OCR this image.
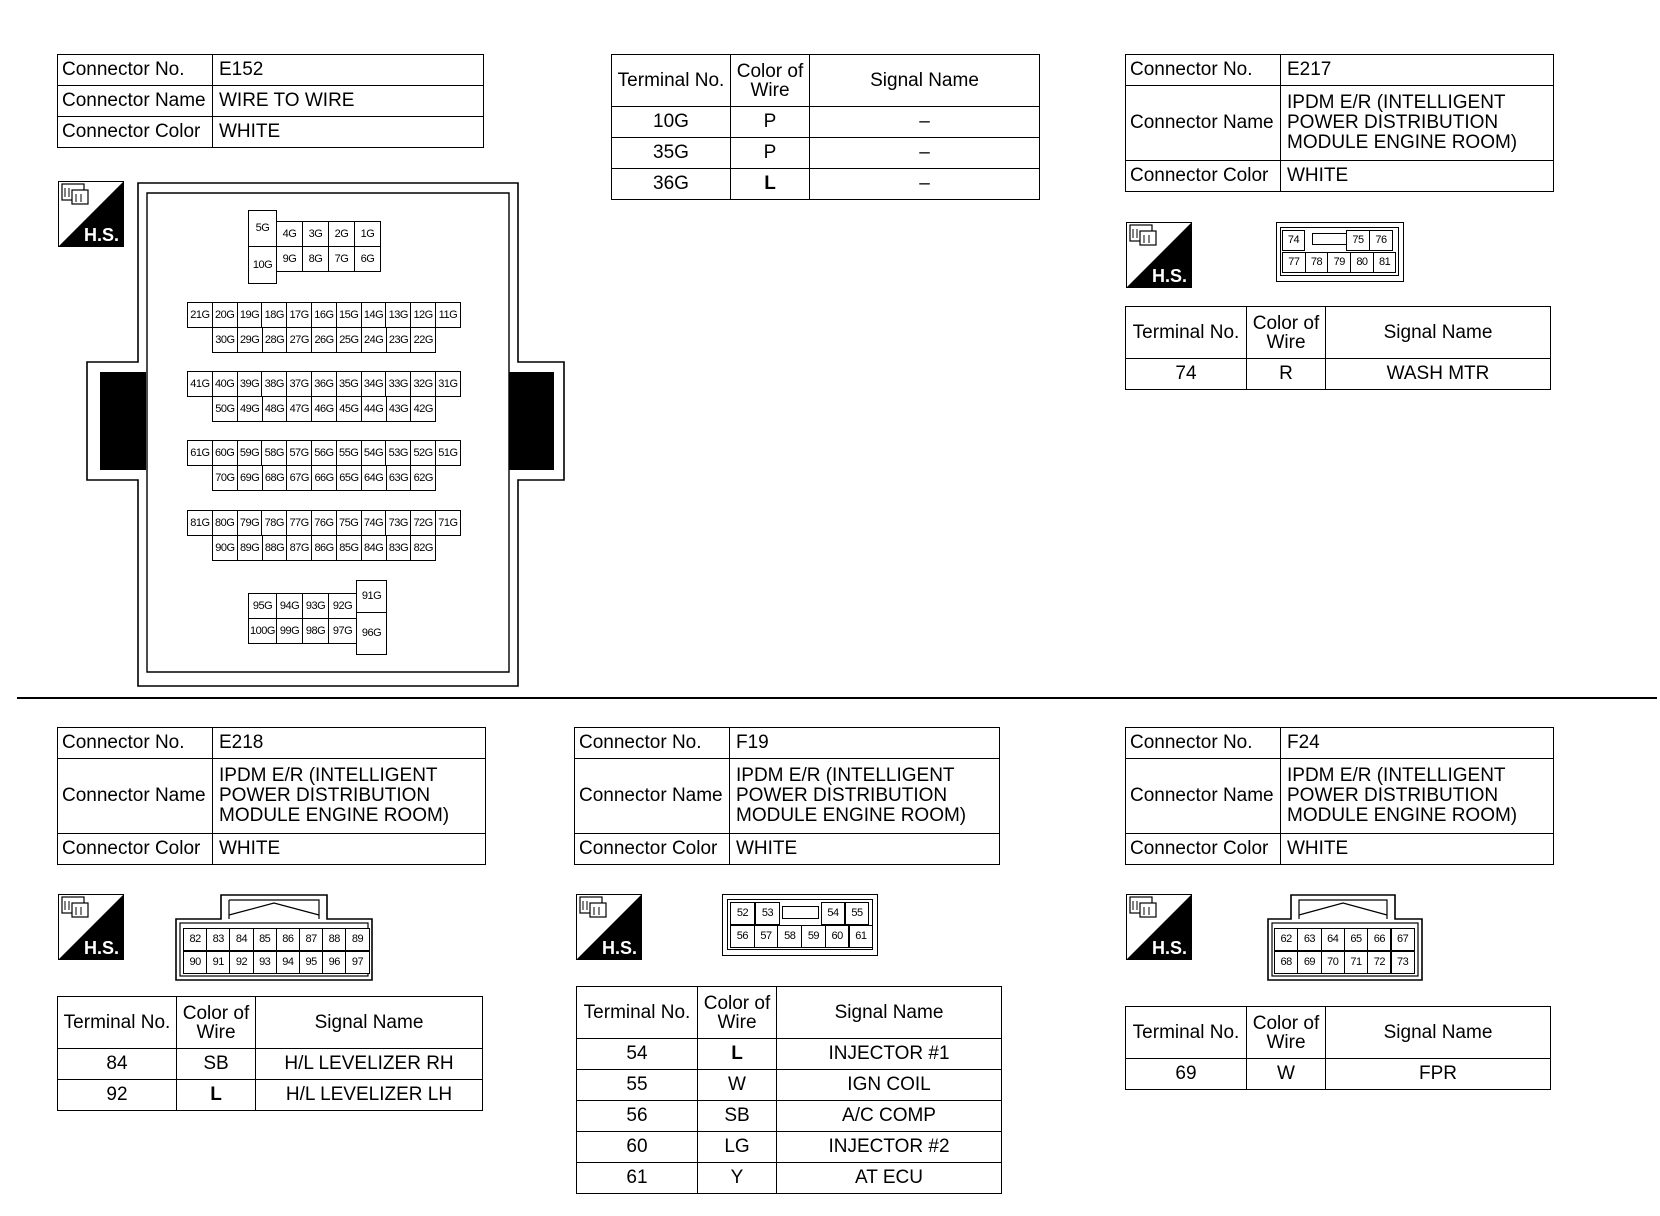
Connector No.	E152
Connector Name	WIRE TO WIRE
Connector Color	WHITE
H.S.	5G	4G	3G	2G	1G
10G 9G	8G	7G	6G
21G 20G 19G 18G 17G 16G 15G 14G 13G 12G 11G
30G 29G 28G 27G 26G 25G 24G 23G 22G
41G 40G 39G 38G 37G 36G 35G 34G 33G 32G 31G
50G 49G 48G 47G 46G 45G 44G 43G 42G
61G 60G 59G 58G 57G 56G 55G 54G 53G 52G 51G
70G 69G 68G 67G 66G 65G 64G 63G 62G
81G 80G 79G 78G 77G 76G 75G 74G 73G 72G 71G
90G 89G 88G 87G 86G 85G 84G 83G 82G
95G 94G 93G 92G
91G
100G 99G 98G 97G 96G
Terminal No.	Color of Wire	Signal Name
10G	P	–
35G	P	–
36G	L	–
Connector No.	E217
Connector Name	IPDM E/R (INTELLIGENT POWER DISTRIBUTION MODULE ENGINE ROOM)
Connector Color	WHITE
H.S.
74	75	76
77	78	79	80	81
Terminal No.	Color of Wire	Signal Name
74	R	WASH MTR
Connector No.	E218
Connector Name	IPDM E/R (INTELLIGENT POWER DISTRIBUTION MODULE ENGINE ROOM)
Connector Color	WHITE
H.S.	82	83	84	85	86	87	88	89
90	91	92	93	94	95	96	97
Terminal No.	Color of Wire	Signal Name
84	SB	H/L LEVELIZER RH
92	L	H/L LEVELIZER LH
Connector No.	F19
Connector Name	IPDM E/R (INTELLIGENT POWER DISTRIBUTION MODULE ENGINE ROOM)
Connector Color	WHITE
H.S.
52	53	54	55
56	57	58	59	60	61
Terminal No.	Color of Wire	Signal Name
54	L	INJECTOR #1
55	W	IGN COIL
56	SB	A/C COMP
60	LG	INJECTOR #2
61	Y	AT ECU
Connector No.	F24
Connector Name	IPDM E/R (INTELLIGENT POWER DISTRIBUTION MODULE ENGINE ROOM)
Connector Color	WHITE
H.S.	62	63	64	65	66	67
68	69	70	71	72	73
Terminal No.	Color of Wire	Signal Name
69	W	FPR
